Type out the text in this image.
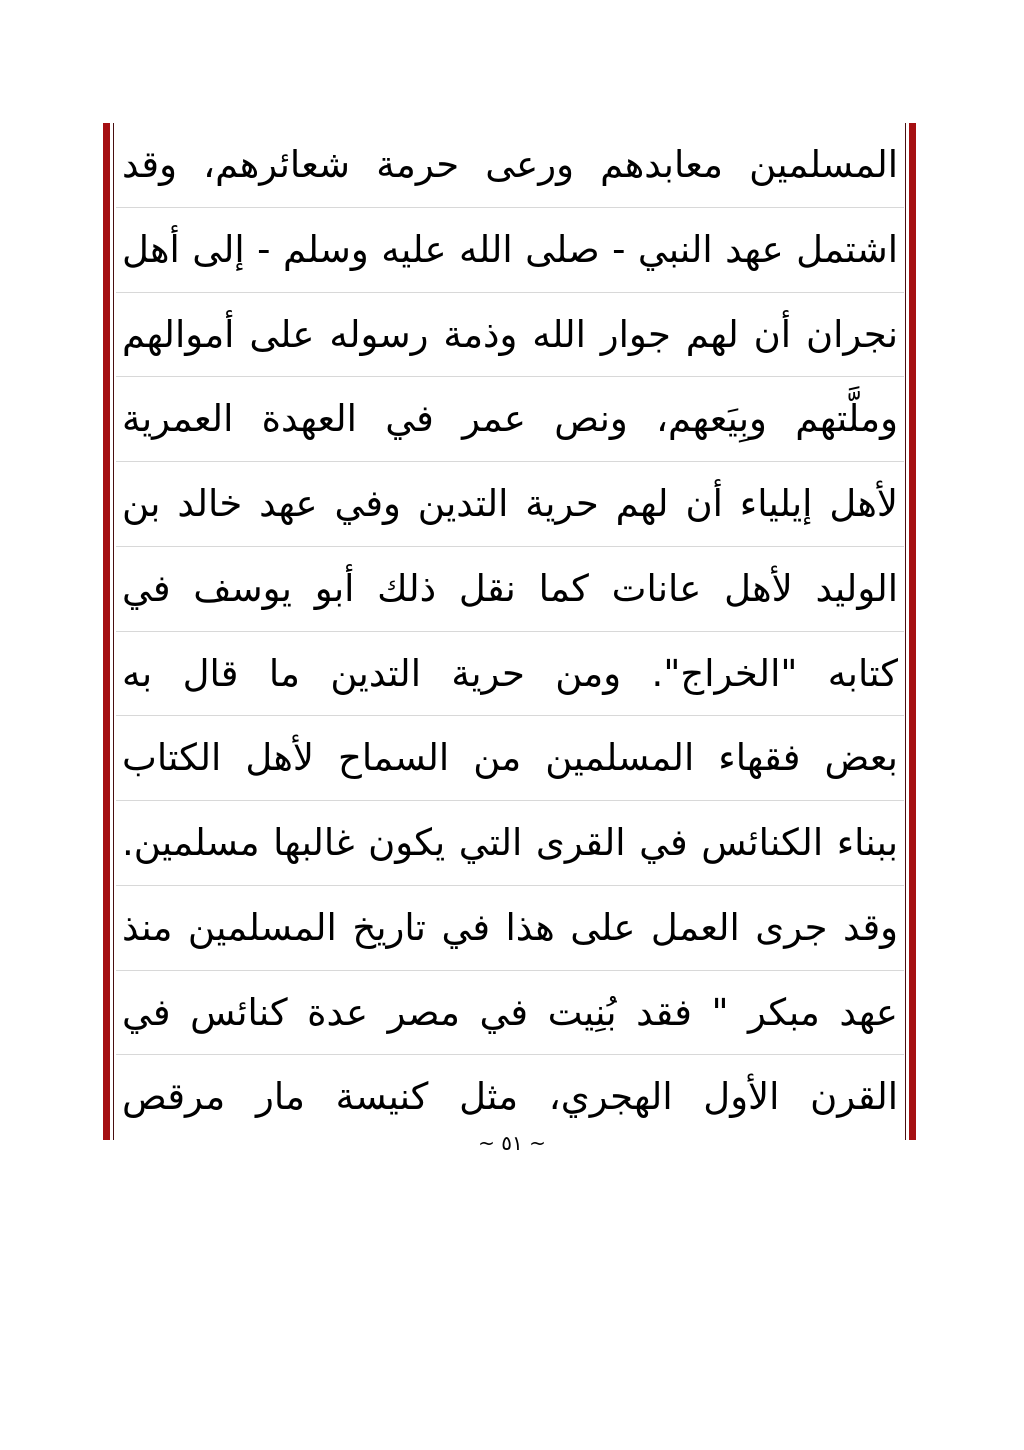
المسلمين معابدهم ورعى حرمة شعائرهم، وقد
اشتمل عهد النبي - صلى الله عليه وسلم - إلى أهل
نجران أن لهم جوار الله وذمة رسوله على أموالهم
وملَّتهم وبِيَعهم، ونص عمر في العهدة العمرية
لأهل إيلياء أن لهم حرية التدين وفي عهد خالد بن
الوليد لأهل عانات كما نقل ذلك أبو يوسف في
كتابه "الخراج". ومن حرية التدين ما قال به
بعض فقهاء المسلمين من السماح لأهل الكتاب
ببناء الكنائس في القرى التي يكون غالبها مسلمين.
وقد جرى العمل على هذا في تاريخ المسلمين منذ
عهد مبكر " فقد بُنِيت في مصر عدة كنائس في
القرن الأول الهجري، مثل كنيسة مار مرقص
~ ٥١ ~
